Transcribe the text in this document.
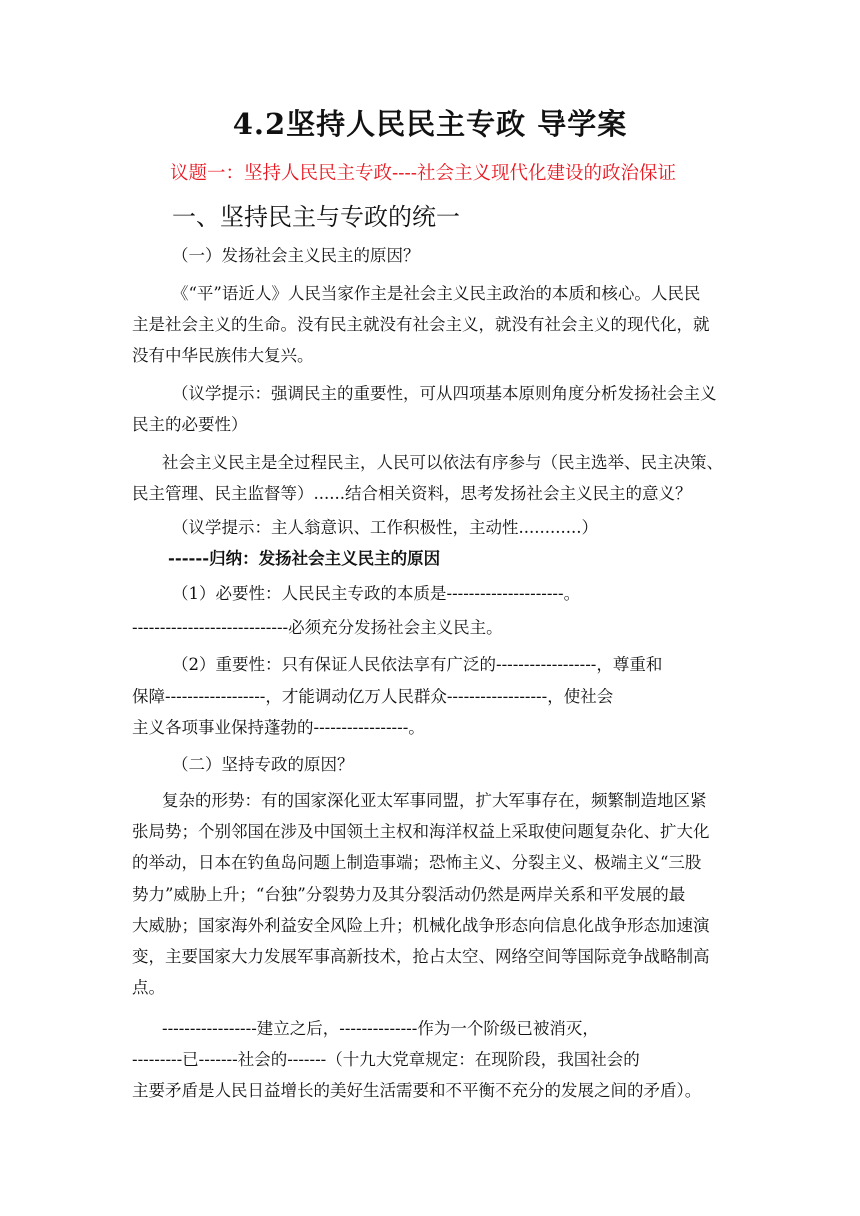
4.2坚持人民民主专政 导学案
议题一：坚持人民民主专政----社会主义现代化建设的政治保证
一、坚持民主与专政的统一
（一）发扬社会主义民主的原因？
《“平”语近人》人民当家作主是社会主义民主政治的本质和核心。人民民
主是社会主义的生命。没有民主就没有社会主义，就没有社会主义的现代化，就
没有中华民族伟大复兴。
（议学提示：强调民主的重要性，可从四项基本原则角度分析发扬社会主义
民主的必要性）
社会主义民主是全过程民主，人民可以依法有序参与（民主选举、民主决策、
民主管理、民主监督等）......结合相关资料，思考发扬社会主义民主的意义？
（议学提示：主人翁意识、工作积极性，主动性............）
------归纳：发扬社会主义民主的原因
（1）必要性：人民民主专政的本质是---------------------。
----------------------------必须充分发扬社会主义民主。
（2）重要性：只有保证人民依法享有广泛的------------------，尊重和
保障------------------，才能调动亿万人民群众------------------，使社会
主义各项事业保持蓬勃的-----------------。
（二）坚持专政的原因？
复杂的形势：有的国家深化亚太军事同盟，扩大军事存在，频繁制造地区紧
张局势；个别邻国在涉及中国领土主权和海洋权益上采取使问题复杂化、扩大化
的举动，日本在钓鱼岛问题上制造事端；恐怖主义、分裂主义、极端主义“三股
势力”威胁上升；“台独”分裂势力及其分裂活动仍然是两岸关系和平发展的最
大威胁；国家海外利益安全风险上升；机械化战争形态向信息化战争形态加速演
变，主要国家大力发展军事高新技术，抢占太空、网络空间等国际竞争战略制高
点。
-----------------建立之后，--------------作为一个阶级已被消灭，
---------已-------社会的-------（十九大党章规定：在现阶段，我国社会的
主要矛盾是人民日益增长的美好生活需要和不平衡不充分的发展之间的矛盾）。
